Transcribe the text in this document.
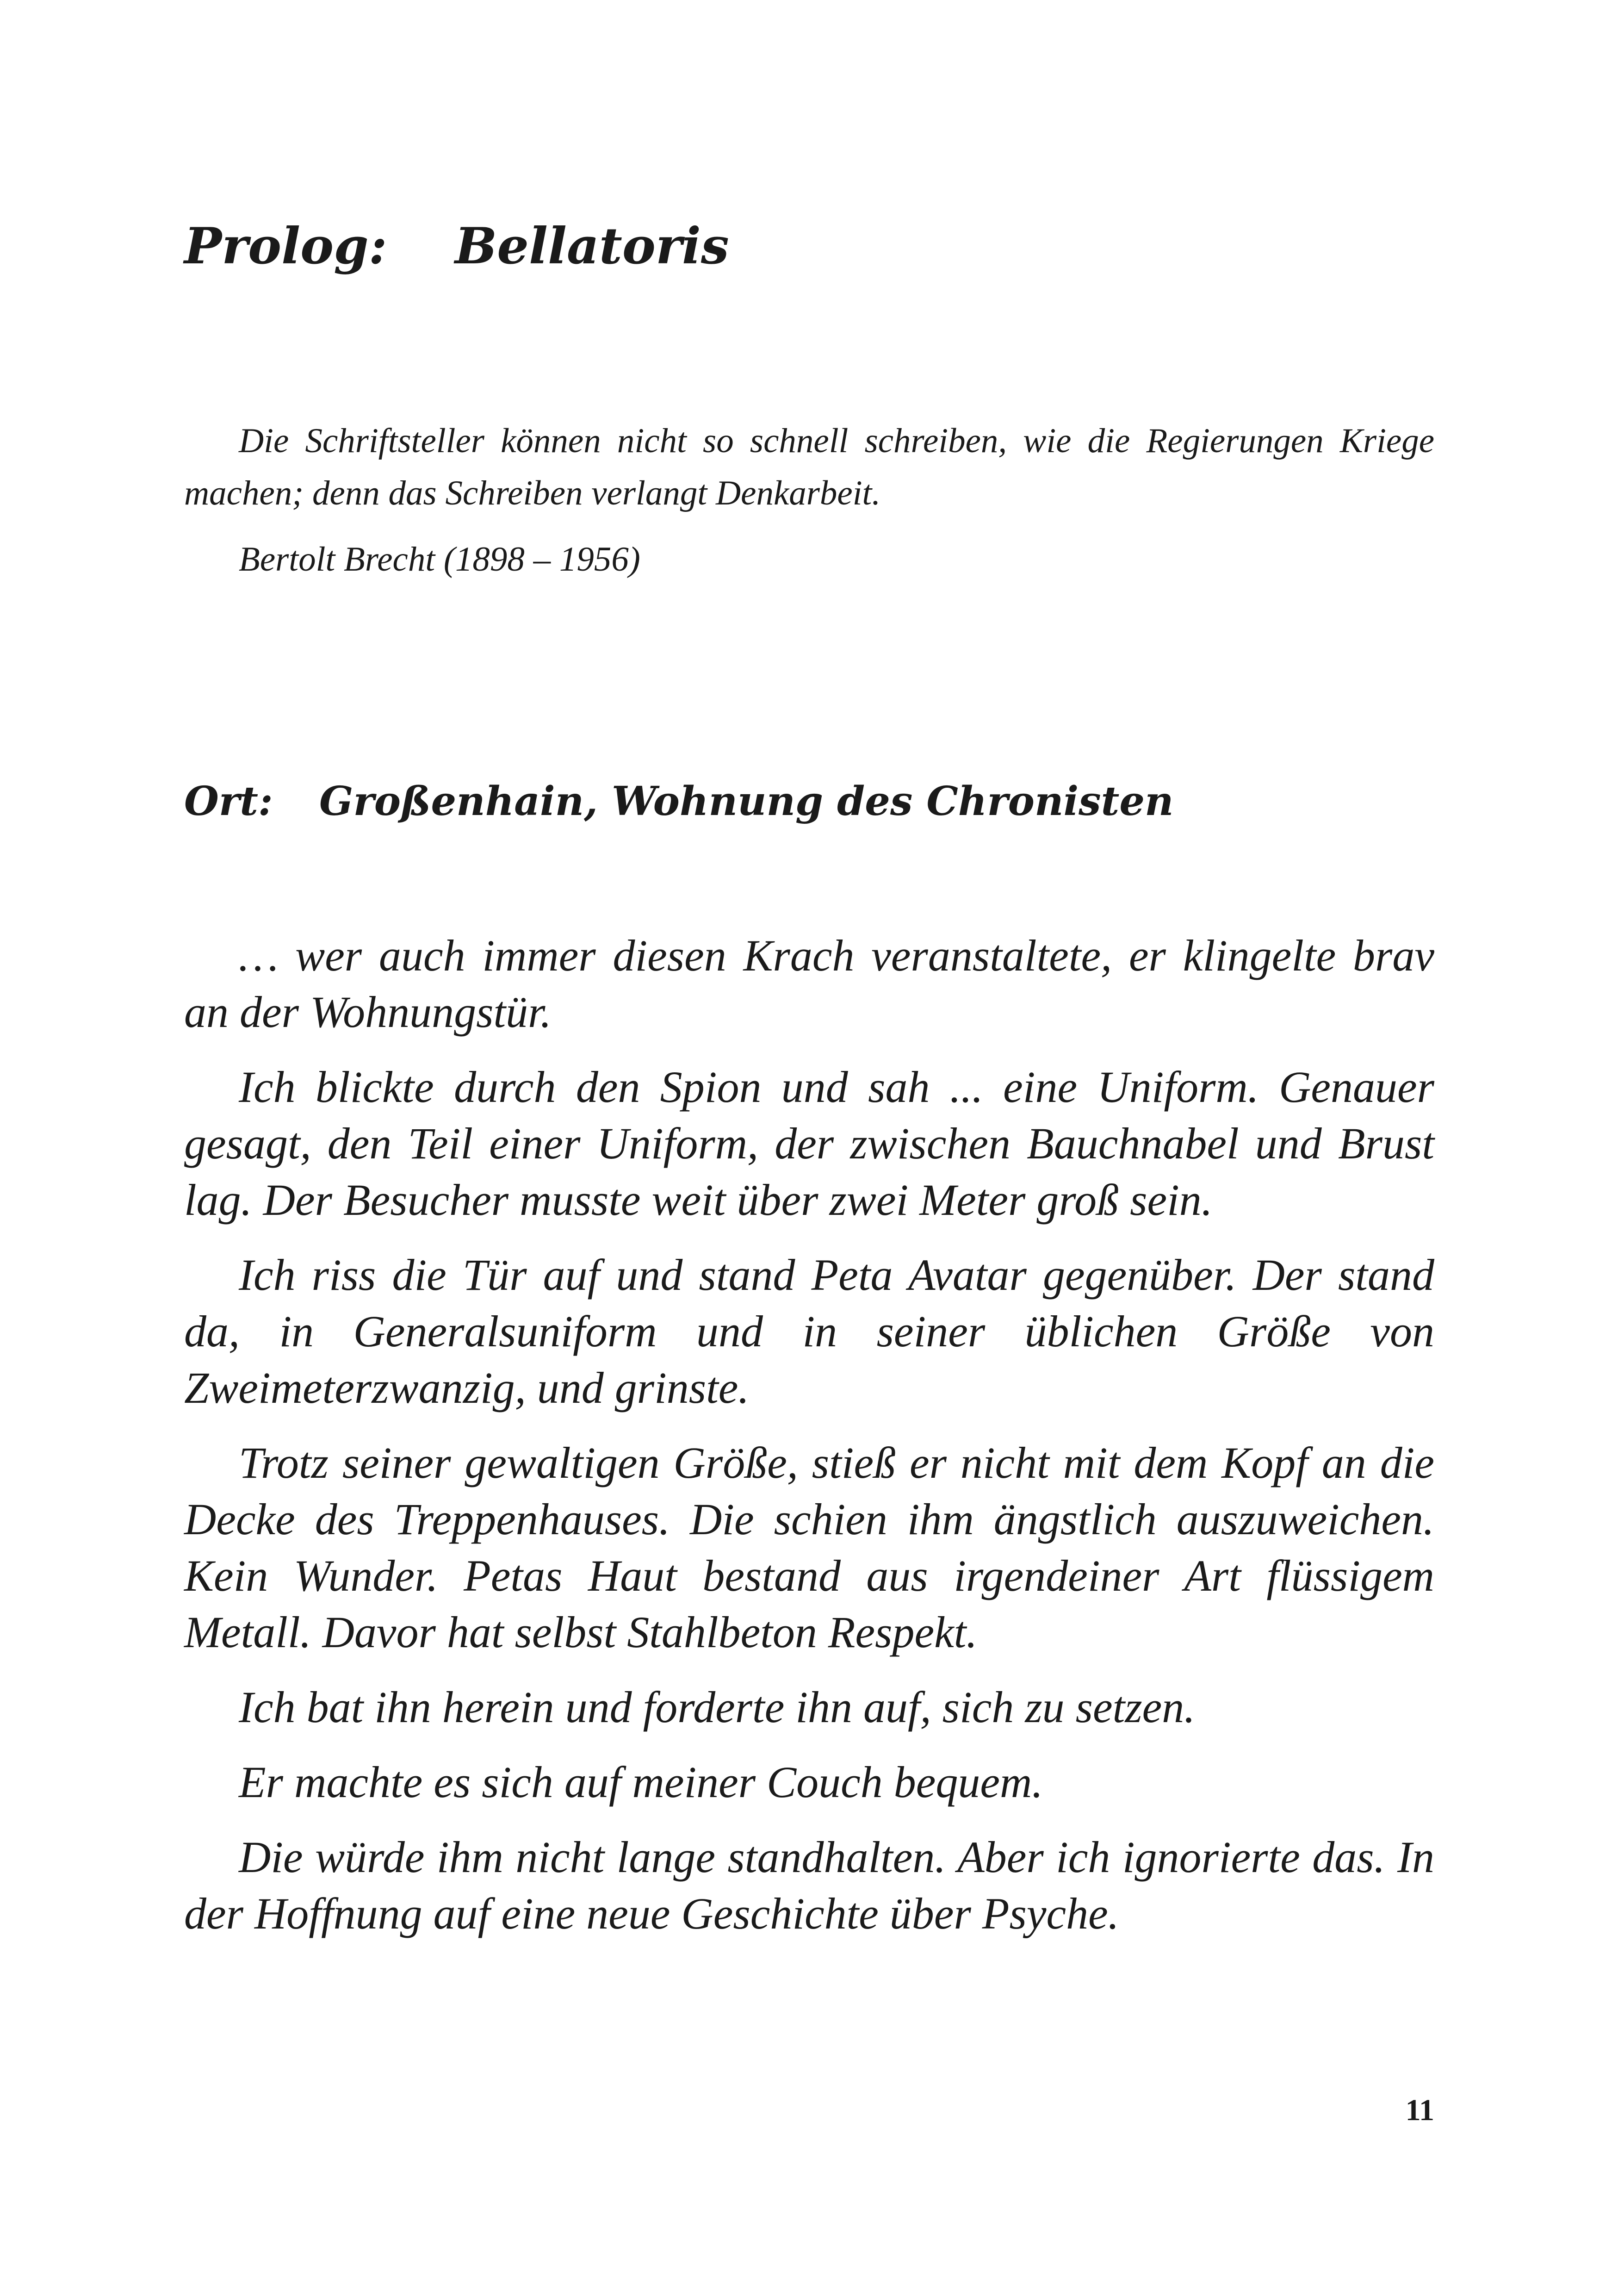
Prolog: Bellatoris

Die Schriftsteller können nicht so schnell schreiben, wie die Regierungen Kriege machen; denn das Schreiben verlangt Denkarbeit.

Bertolt Brecht (1898 – 1956)

Ort: Großenhain, Wohnung des Chronisten

… wer auch immer diesen Krach veranstaltete, er klingelte brav an der Wohnungstür.

Ich blickte durch den Spion und sah ... eine Uniform. Genauer gesagt, den Teil einer Uniform, der zwischen Bauchnabel und Brust lag. Der Besucher musste weit über zwei Meter groß sein.

Ich riss die Tür auf und stand Peta Avatar gegenüber. Der stand da, in Generalsuniform und in seiner üblichen Größe von Zweimeterzwanzig, und grinste.

Trotz seiner gewaltigen Größe, stieß er nicht mit dem Kopf an die Decke des Treppenhauses. Die schien ihm ängstlich auszuweichen. Kein Wunder. Petas Haut bestand aus irgendeiner Art flüssigem Metall. Davor hat selbst Stahlbeton Respekt.

Ich bat ihn herein und forderte ihn auf, sich zu setzen.

Er machte es sich auf meiner Couch bequem.

Die würde ihm nicht lange standhalten. Aber ich ignorierte das. In der Hoffnung auf eine neue Geschichte über Psyche.

11
